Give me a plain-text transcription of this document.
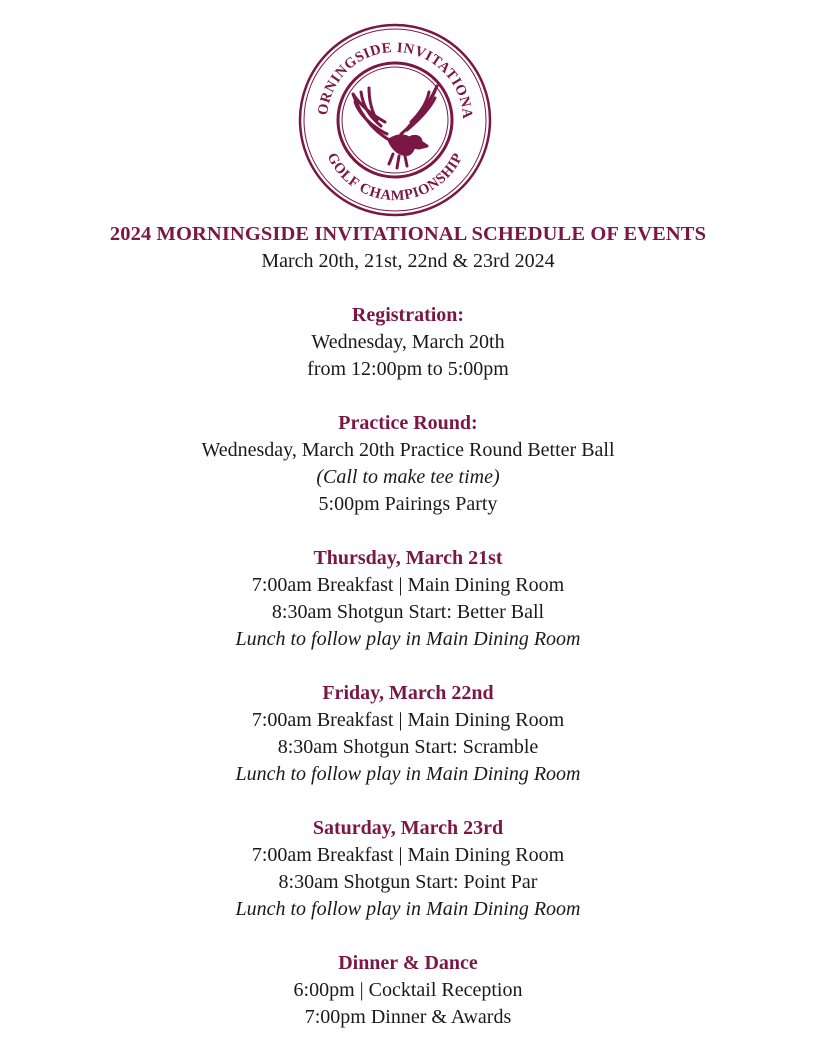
ORNINGSIDE INVITATIONA
GOLF CHAMPIONSHIP
2024 MORNINGSIDE INVITATIONAL SCHEDULE OF EVENTS
March 20th, 21st, 22nd & 23rd 2024
Registration:
Wednesday, March 20th
from 12:00pm to 5:00pm
Practice Round:
Wednesday, March 20th Practice Round Better Ball
(Call to make tee time)
5:00pm Pairings Party
Thursday, March 21st
7:00am Breakfast | Main Dining Room
8:30am Shotgun Start: Better Ball
Lunch to follow play in Main Dining Room
Friday, March 22nd
7:00am Breakfast | Main Dining Room
8:30am Shotgun Start: Scramble
Lunch to follow play in Main Dining Room
Saturday, March 23rd
7:00am Breakfast | Main Dining Room
8:30am Shotgun Start: Point Par
Lunch to follow play in Main Dining Room
Dinner & Dance
6:00pm | Cocktail Reception
7:00pm Dinner & Awards
